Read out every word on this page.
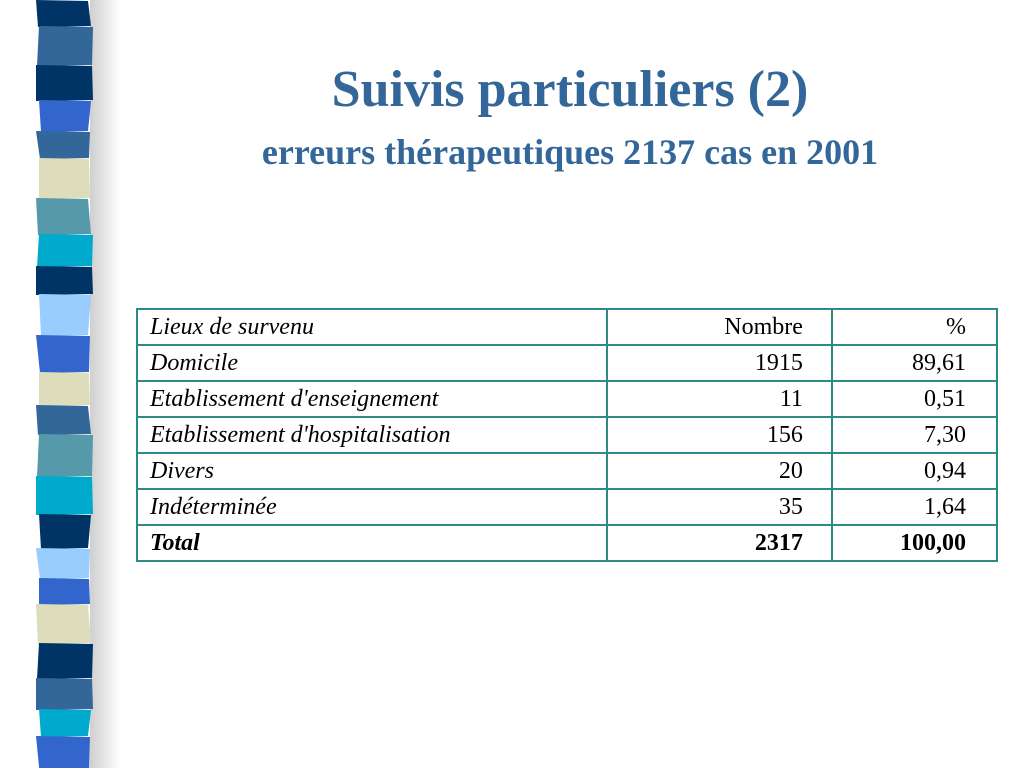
Suivis particuliers (2)
erreurs thérapeutiques 2137 cas en 2001
Lieux de survenu	Nombre	%
Domicile	1915	89,61
Etablissement d'enseignement	11	0,51
Etablissement d'hospitalisation	156	7,30
Divers	20	0,94
Indéterminée	35	1,64
Total	2317	100,00
